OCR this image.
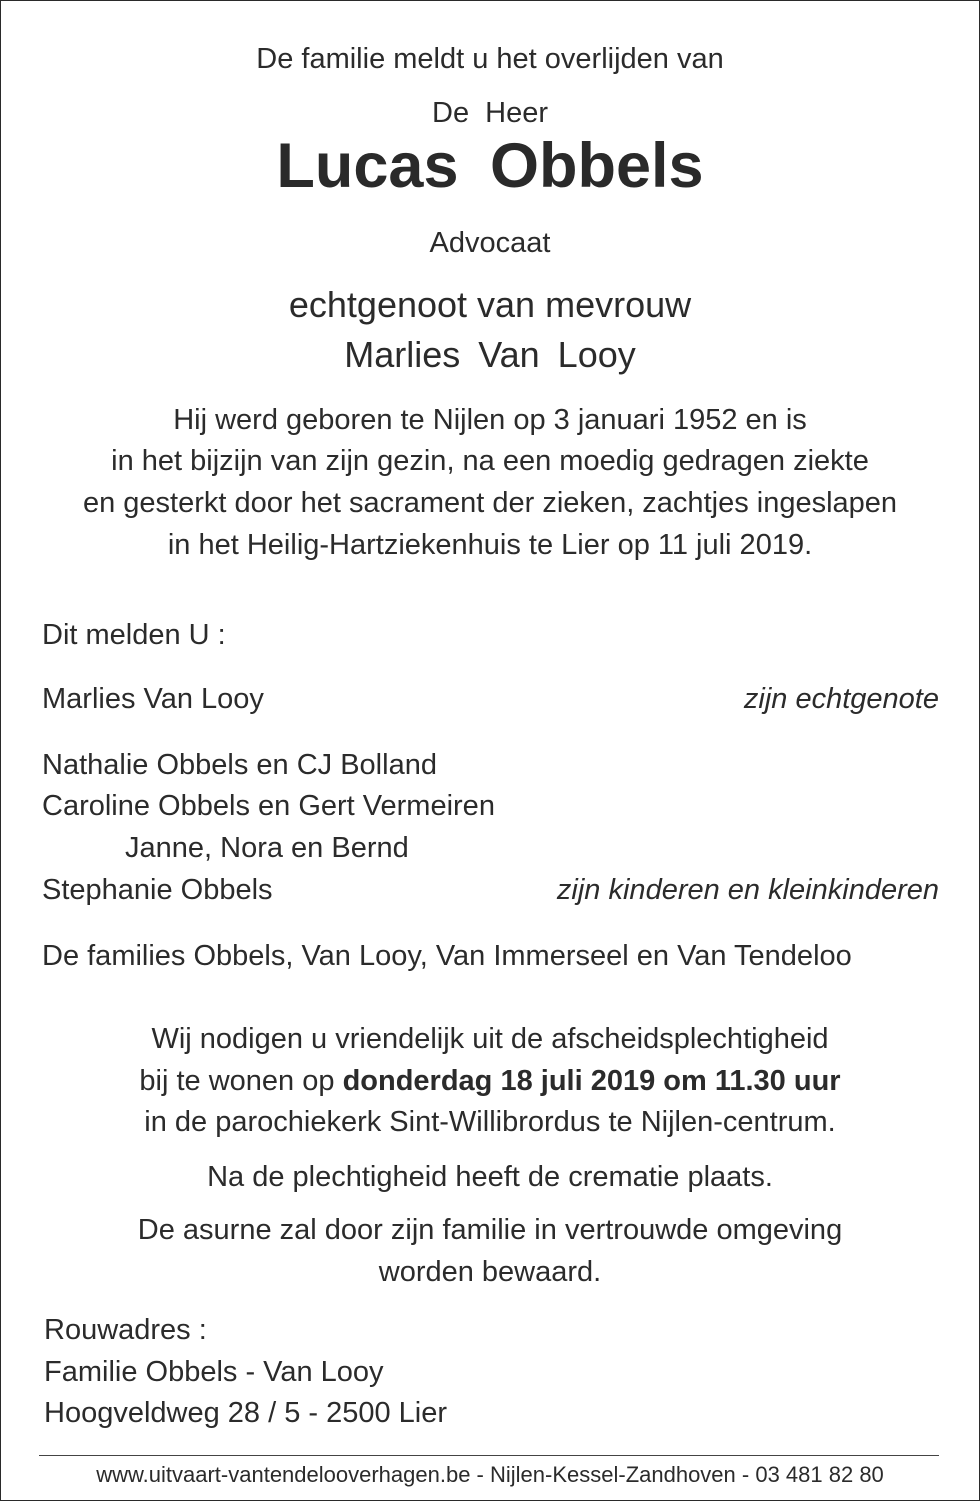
De familie meldt u het overlijden van
De Heer
Lucas Obbels
Advocaat
echtgenoot van mevrouw
Marlies Van Looy
Hij werd geboren te Nijlen op 3 januari 1952 en is
in het bijzijn van zijn gezin, na een moedig gedragen ziekte
en gesterkt door het sacrament der zieken, zachtjes ingeslapen
in het Heilig-Hartziekenhuis te Lier op 11 juli 2019.
Dit melden U :
Marlies Van Looy	zijn echtgenote
Nathalie Obbels en CJ Bolland
Caroline Obbels en Gert Vermeiren
Janne, Nora en Bernd
Stephanie Obbels	zijn kinderen en kleinkinderen
De families Obbels, Van Looy, Van Immerseel en Van Tendeloo
Wij nodigen u vriendelijk uit de afscheidsplechtigheid
bij te wonen op donderdag 18 juli 2019 om 11.30 uur
in de parochiekerk Sint-Willibrordus te Nijlen-centrum.
Na de plechtigheid heeft de crematie plaats.
De asurne zal door zijn familie in vertrouwde omgeving
worden bewaard.
Rouwadres :
Familie Obbels - Van Looy
Hoogveldweg 28 / 5 - 2500 Lier
www.uitvaart-vantendelooverhagen.be - Nijlen-Kessel-Zandhoven - 03 481 82 80
